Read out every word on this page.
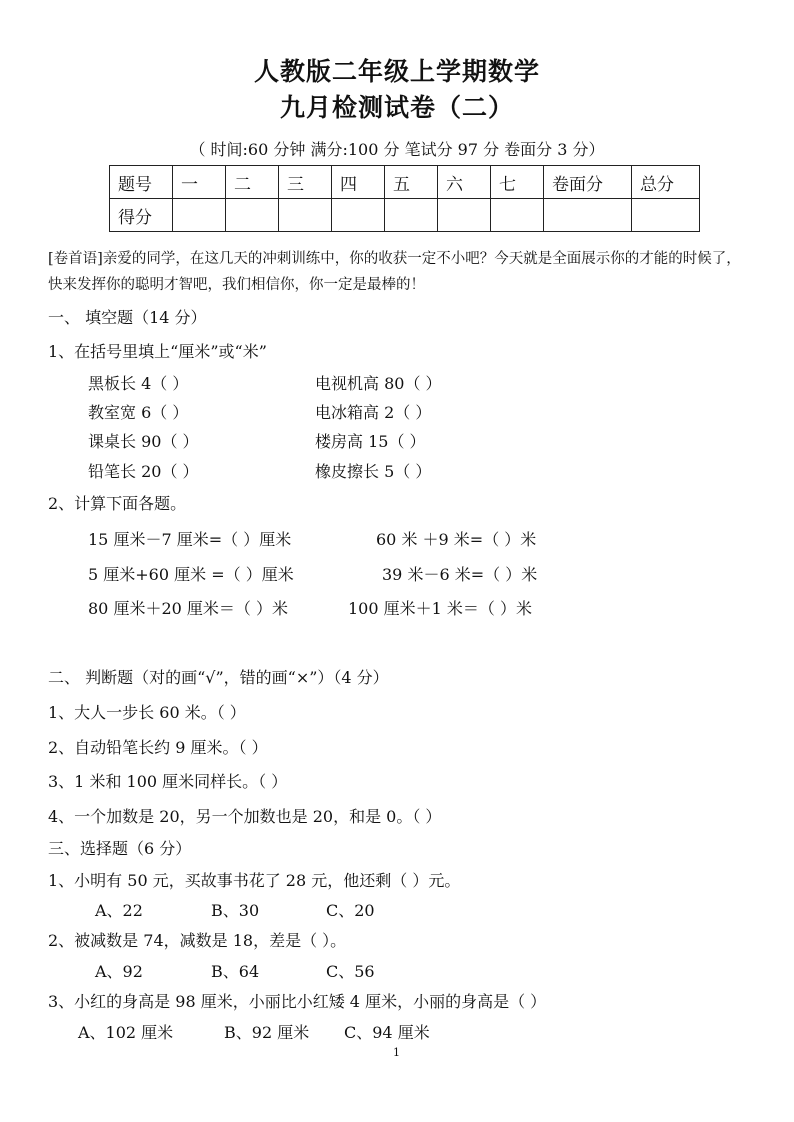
人教版二年级上学期数学
九月检测试卷（二）
（ 时间:60 分钟 满分:100 分 笔试分 97 分 卷面分 3 分）
题号	一	二	三	四	五	六	七	卷面分	总分
得分									
[卷首语]亲爱的同学，在这几天的冲刺训练中，你的收获一定不小吧？今天就是全面展示你的才能的时候了，快来发挥你的聪明才智吧，我们相信你，你一定是最棒的！
一、 填空题（14 分）
1、在括号里填上“厘米”或“米”
黑板长 4（ ）	电视机高 80（ ）
教室宽 6（ ）	电冰箱高 2（ ）
课桌长 90（ ）	楼房高 15（ ）
铅笔长 20（ ）	橡皮擦长 5（ ）
2、计算下面各题。
15 厘米－7 厘米=（ ）厘米	60 米 ＋9 米=（ ）米
5 厘米+60 厘米 =（ ）厘米	39 米－6 米=（ ）米
80 厘米＋20 厘米＝（ ）米	100 厘米＋1 米＝（ ）米
二、 判断题（对的画“√”，错的画“×”）（4 分）
1、大人一步长 60 米。（ ）
2、自动铅笔长约 9 厘米。（ ）
3、1 米和 100 厘米同样长。（ ）
4、一个加数是 20，另一个加数也是 20，和是 0。（ ）
三、选择题（6 分）
1、小明有 50 元，买故事书花了 28 元，他还剩（ ）元。
A、22	B、30	C、20
2、被减数是 74，减数是 18，差是（ ）。
A、92	B、64	C、56
3、小红的身高是 98 厘米，小丽比小红矮 4 厘米，小丽的身高是（ ）
A、102 厘米	B、92 厘米 C、94 厘米
1
